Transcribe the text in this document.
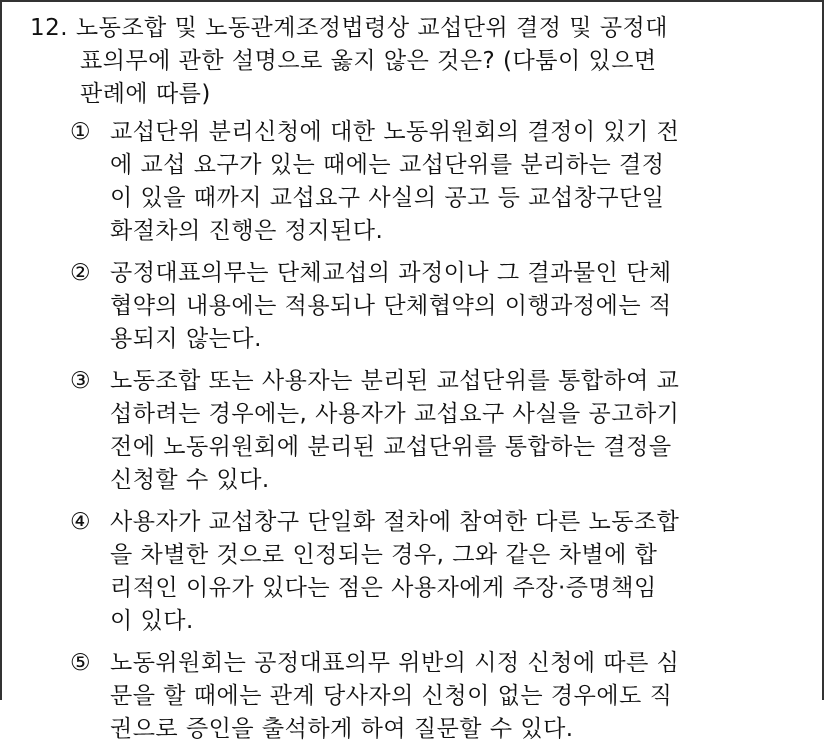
12. 노동조합 및 노동관계조정법령상 교섭단위 결정 및 공정대
표의무에 관한 설명으로 옳지 않은 것은? (다툼이 있으면
판례에 따름)
① 교섭단위 분리신청에 대한 노동위원회의 결정이 있기 전
에 교섭 요구가 있는 때에는 교섭단위를 분리하는 결정
이 있을 때까지 교섭요구 사실의 공고 등 교섭창구단일
화절차의 진행은 정지된다.
② 공정대표의무는 단체교섭의 과정이나 그 결과물인 단체
협약의 내용에는 적용되나 단체협약의 이행과정에는 적
용되지 않는다.
③ 노동조합 또는 사용자는 분리된 교섭단위를 통합하여 교
섭하려는 경우에는, 사용자가 교섭요구 사실을 공고하기
전에 노동위원회에 분리된 교섭단위를 통합하는 결정을
신청할 수 있다.
④ 사용자가 교섭창구 단일화 절차에 참여한 다른 노동조합
을 차별한 것으로 인정되는 경우, 그와 같은 차별에 합
리적인 이유가 있다는 점은 사용자에게 주장·증명책임
이 있다.
⑤ 노동위원회는 공정대표의무 위반의 시정 신청에 따른 심
문을 할 때에는 관계 당사자의 신청이 없는 경우에도 직
권으로 증인을 출석하게 하여 질문할 수 있다.
